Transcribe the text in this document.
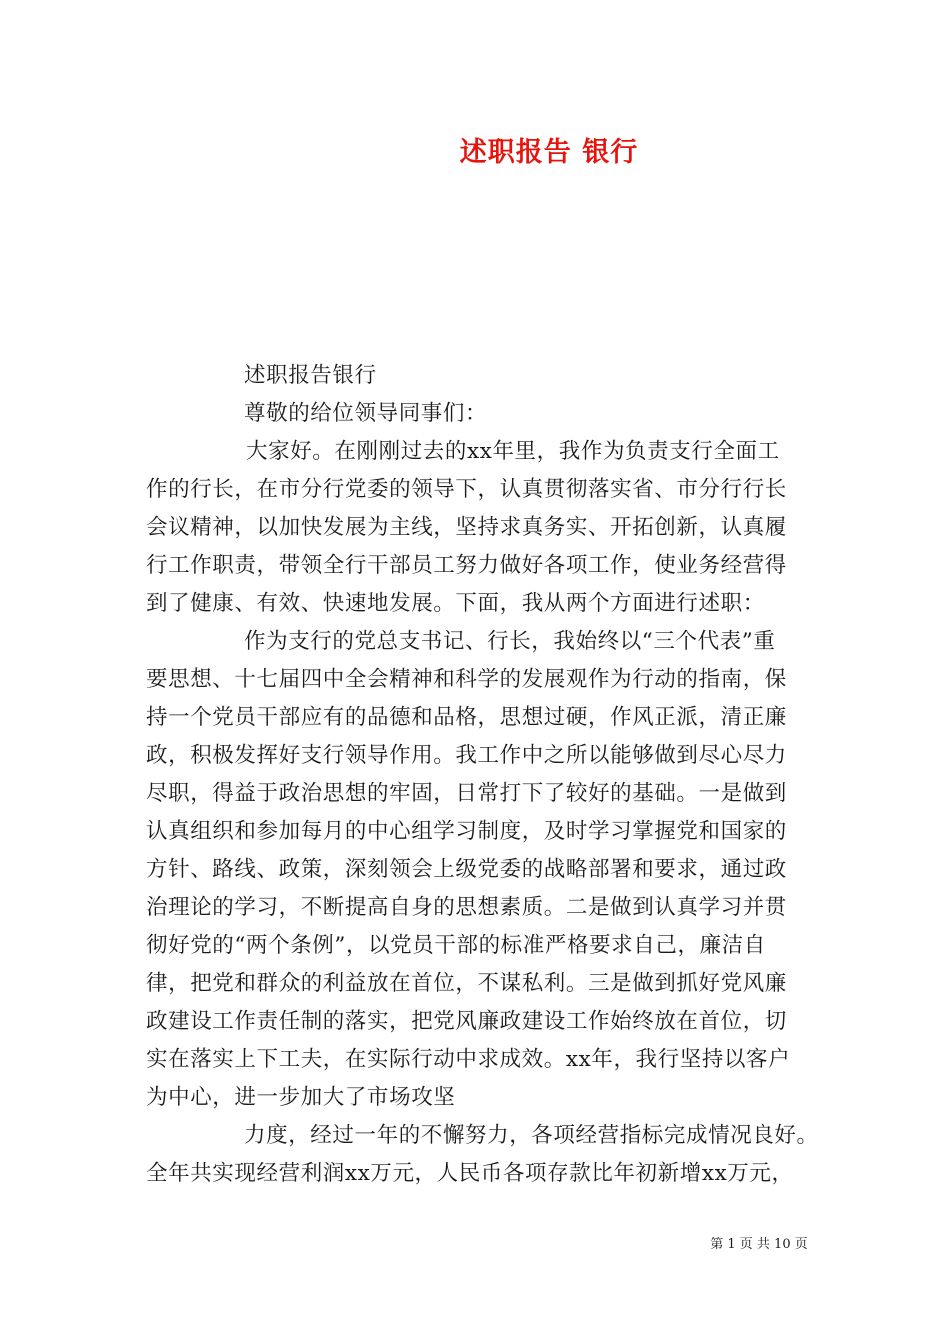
述职报告 银行
述职报告银行
尊敬的给位领导同事们：
大家好。在刚刚过去的xx年里，我作为负责支行全面工
作的行长，在市分行党委的领导下，认真贯彻落实省、市分行行长
会议精神，以加快发展为主线，坚持求真务实、开拓创新，认真履
行工作职责，带领全行干部员工努力做好各项工作，使业务经营得
到了健康、有效、快速地发展。下面，我从两个方面进行述职：
作为支行的党总支书记、行长，我始终以“三个代表”重
要思想、十七届四中全会精神和科学的发展观作为行动的指南，保
持一个党员干部应有的品德和品格，思想过硬，作风正派，清正廉
政，积极发挥好支行领导作用。我工作中之所以能够做到尽心尽力
尽职，得益于政治思想的牢固，日常打下了较好的基础。一是做到
认真组织和参加每月的中心组学习制度，及时学习掌握党和国家的
方针、路线、政策，深刻领会上级党委的战略部署和要求，通过政
治理论的学习，不断提高自身的思想素质。二是做到认真学习并贯
彻好党的“两个条例”，以党员干部的标准严格要求自己，廉洁自
律，把党和群众的利益放在首位，不谋私利。三是做到抓好党风廉
政建设工作责任制的落实，把党风廉政建设工作始终放在首位，切
实在落实上下工夫，在实际行动中求成效。xx年，我行坚持以客户
为中心，进一步加大了市场攻坚
力度，经过一年的不懈努力，各项经营指标完成情况良好。
全年共实现经营利润xx万元，人民币各项存款比年初新增xx万元，
第 1 页 共 10 页
